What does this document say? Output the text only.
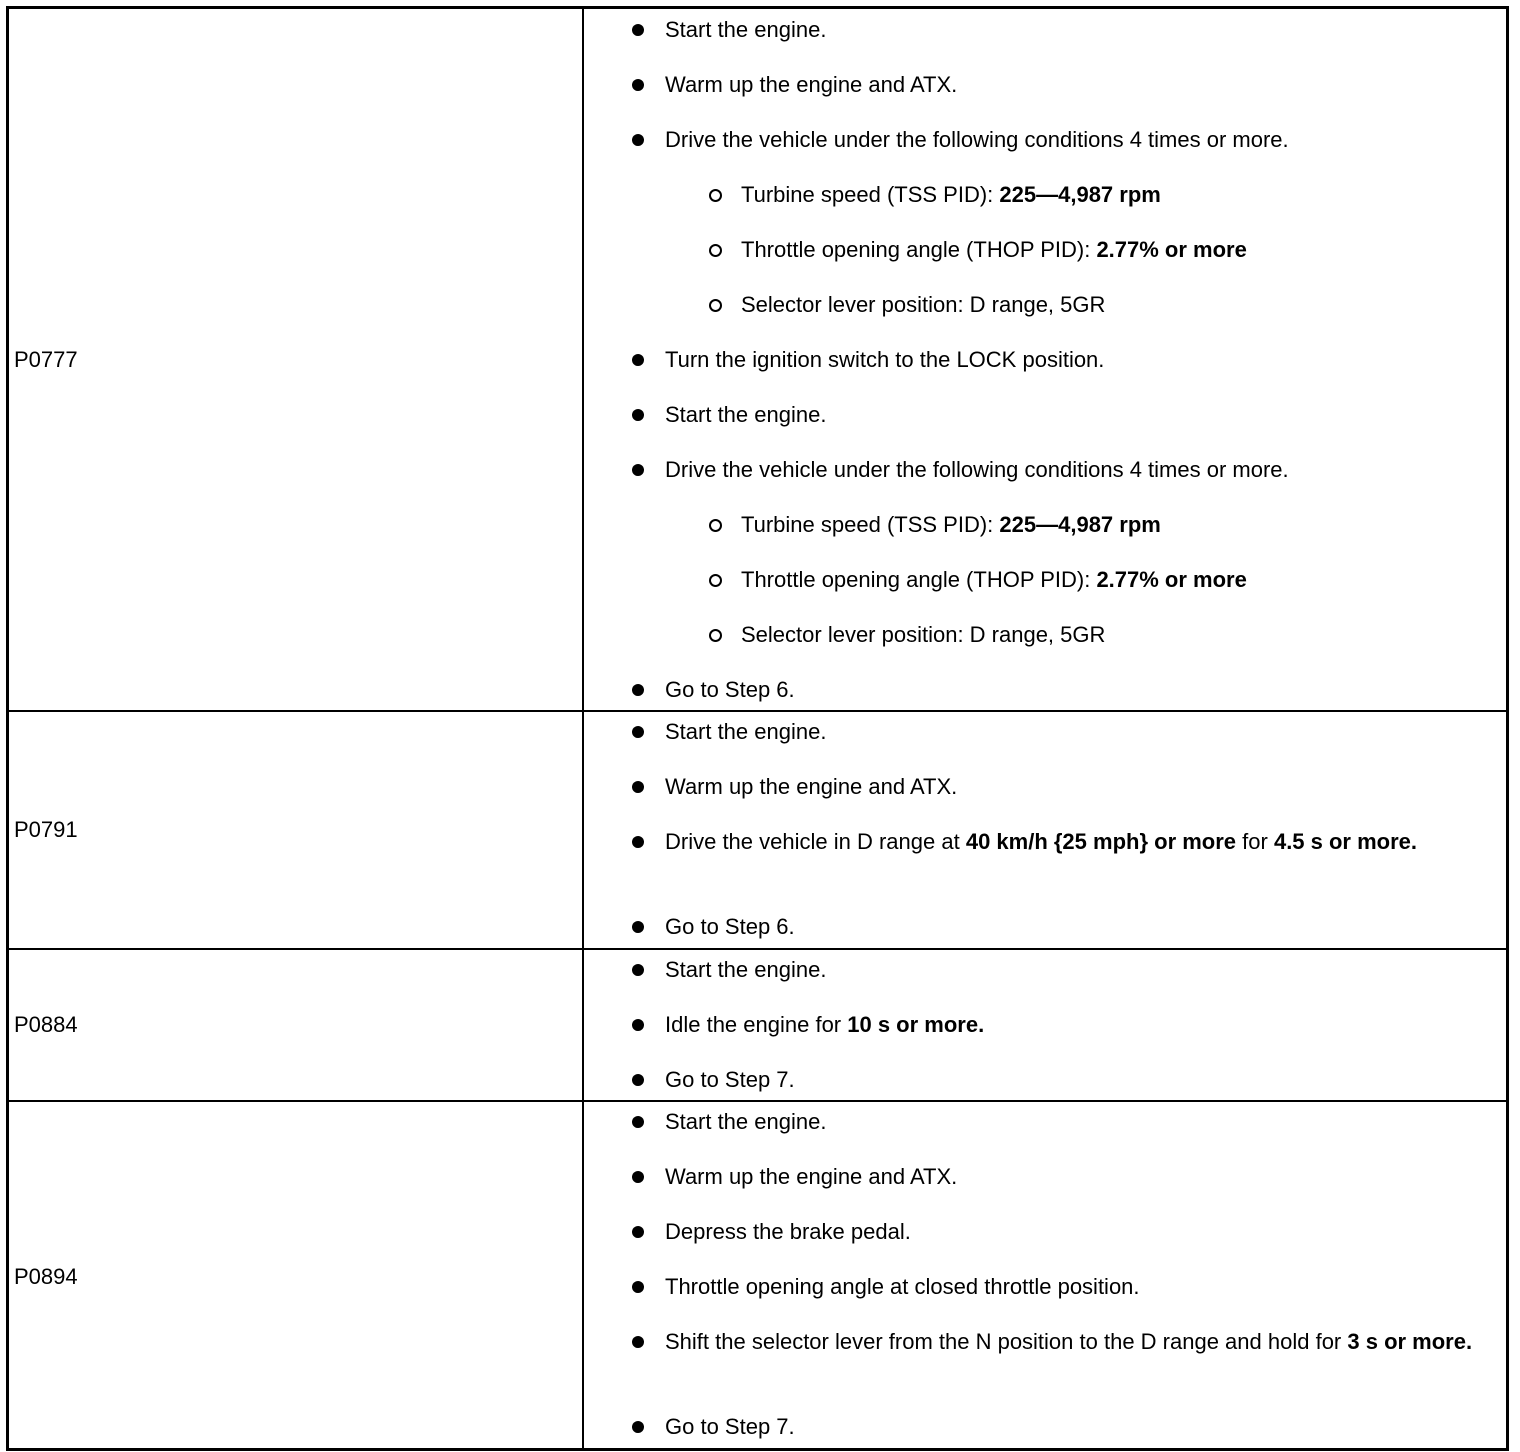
P0777
Start the engine.
Warm up the engine and ATX.
Drive the vehicle under the following conditions 4 times or more.
Turbine speed (TSS PID): 225—4,987 rpm
Throttle opening angle (THOP PID): 2.77% or more
Selector lever position: D range, 5GR
Turn the ignition switch to the LOCK position.
Start the engine.
Drive the vehicle under the following conditions 4 times or more.
Turbine speed (TSS PID): 225—4,987 rpm
Throttle opening angle (THOP PID): 2.77% or more
Selector lever position: D range, 5GR
Go to Step 6.
P0791
Start the engine.
Warm up the engine and ATX.
Drive the vehicle in D range at 40 km/h {25 mph} or more for 4.5 s or more.
Go to Step 6.
P0884
Start the engine.
Idle the engine for 10 s or more.
Go to Step 7.
P0894
Start the engine.
Warm up the engine and ATX.
Depress the brake pedal.
Throttle opening angle at closed throttle position.
Shift the selector lever from the N position to the D range and hold for 3 s or more.
Go to Step 7.
